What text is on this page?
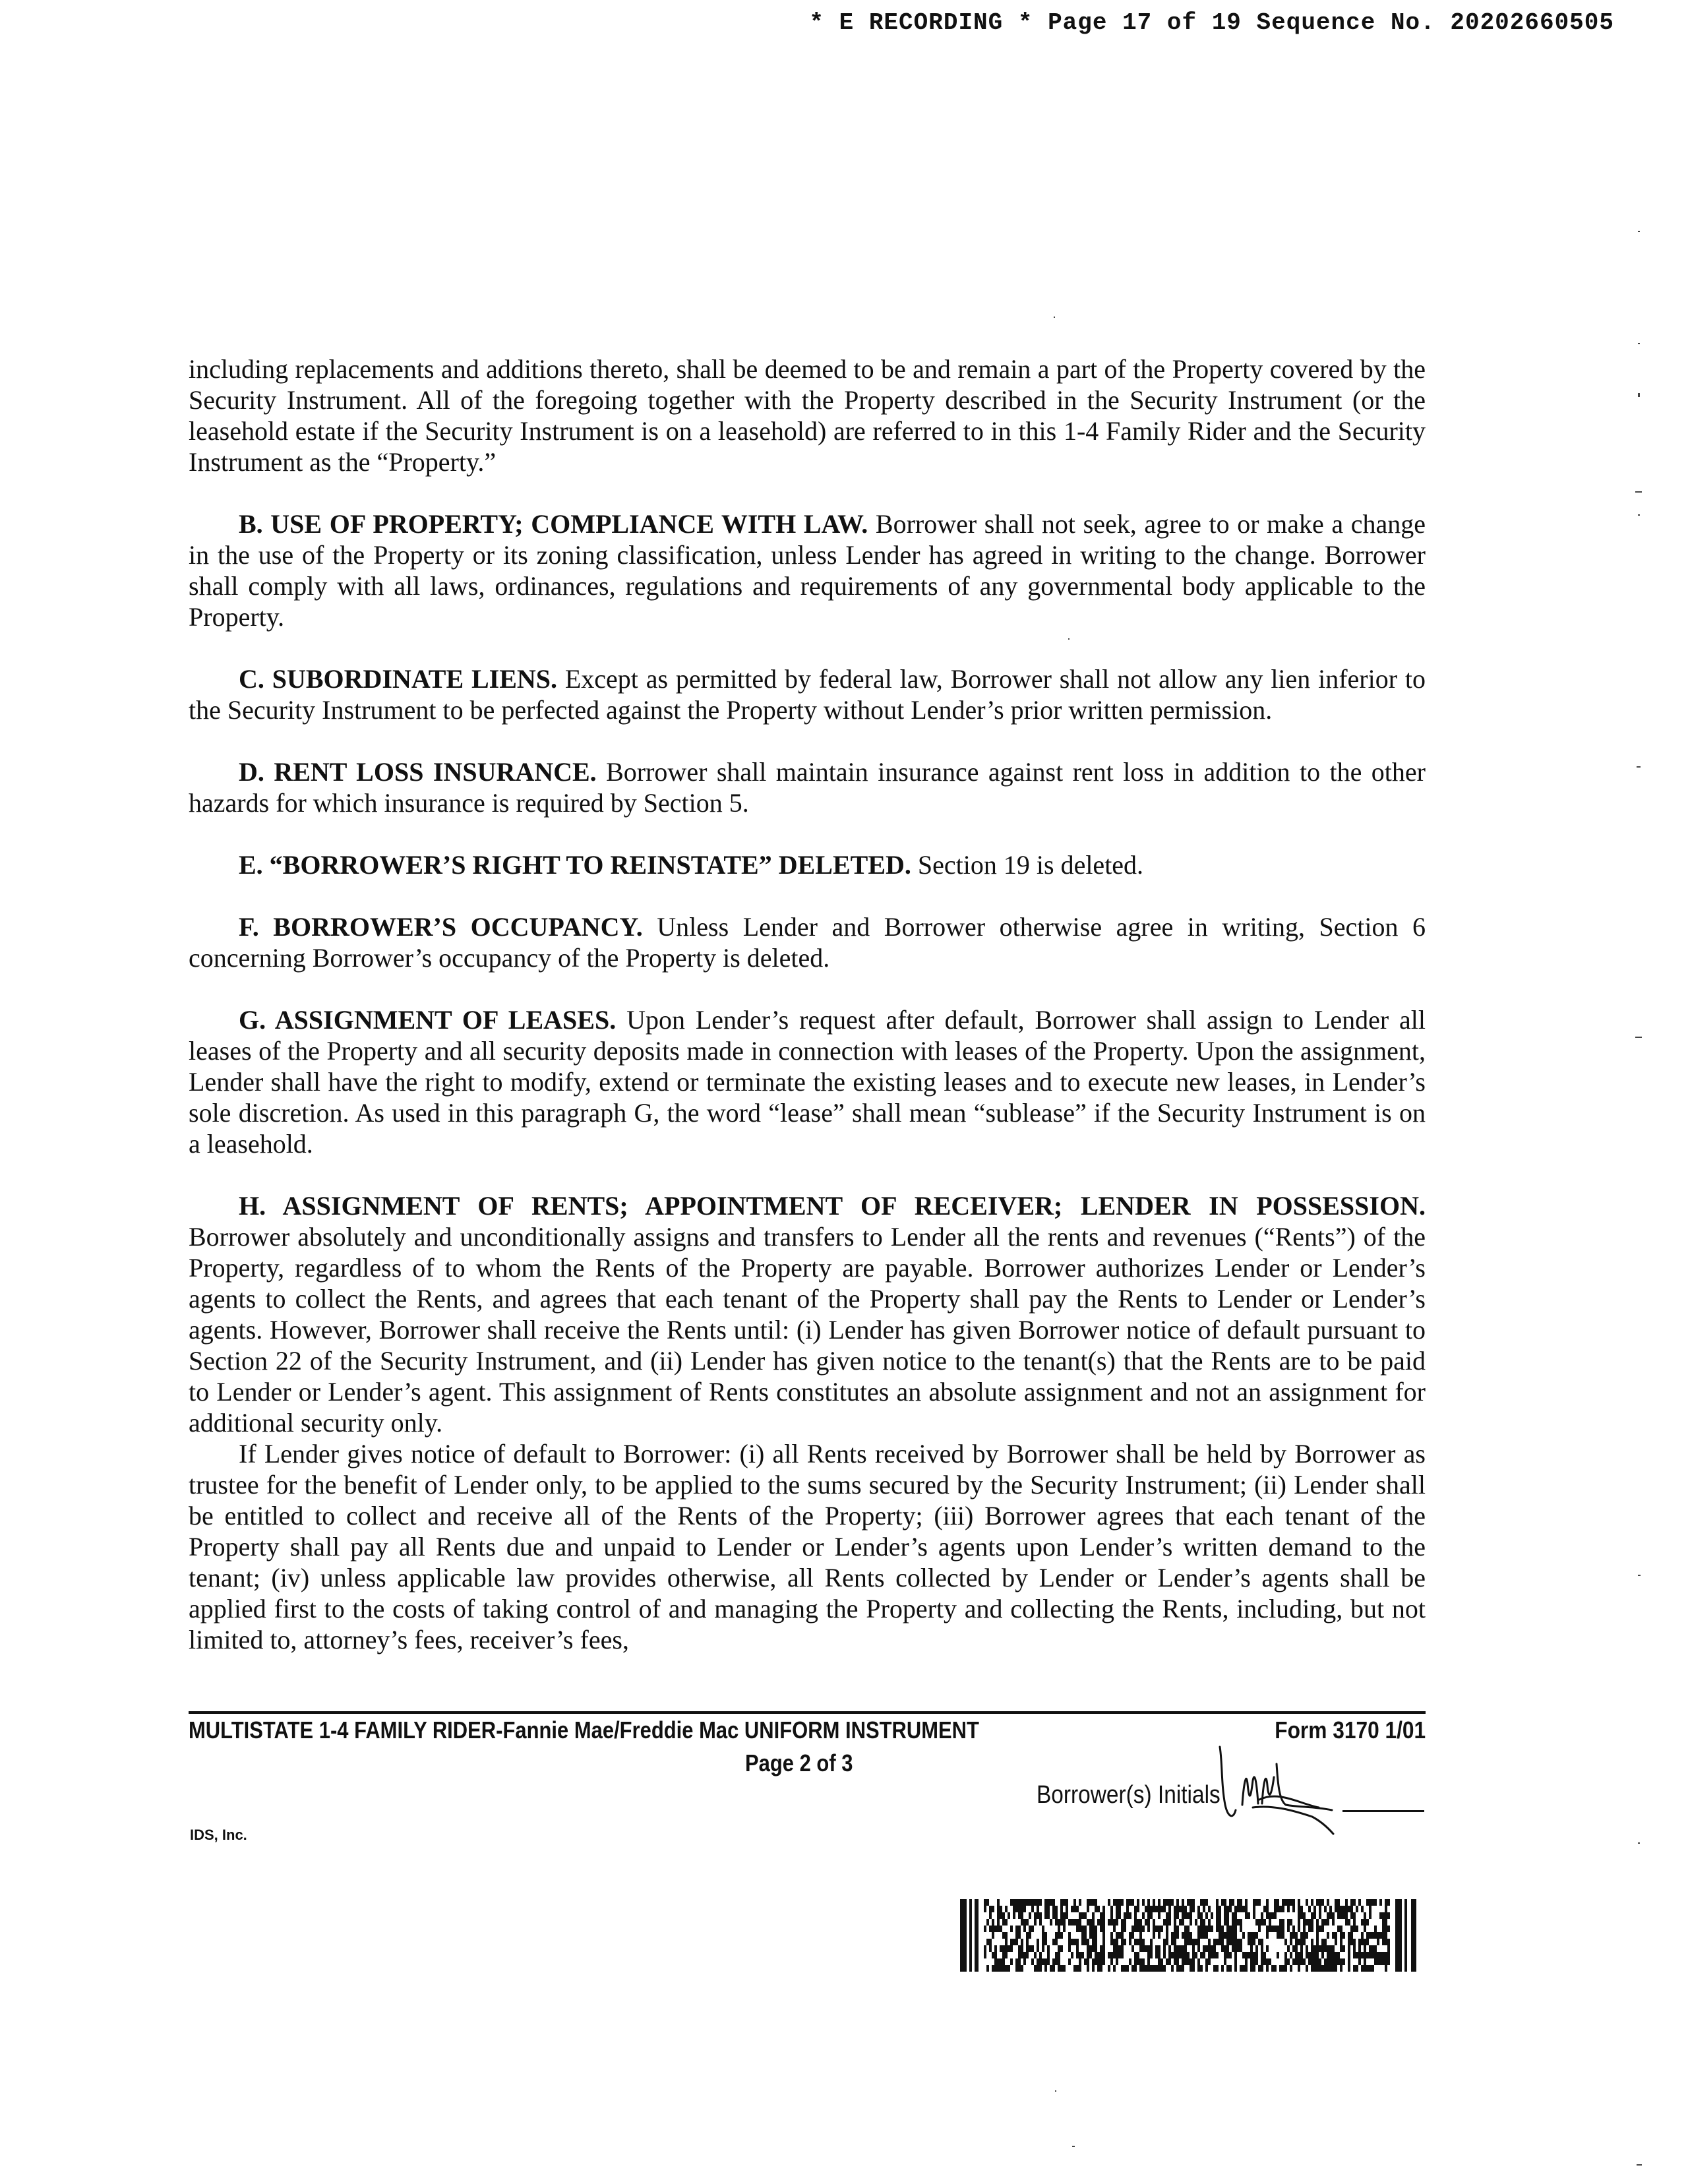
* E RECORDING * Page 17 of 19 Sequence No. 20202660505

including replacements and additions thereto, shall be deemed to be and remain a part of the Property covered by the Security Instrument. All of the foregoing together with the Property described in the Security Instrument (or the leasehold estate if the Security Instrument is on a leasehold) are referred to in this 1-4 Family Rider and the Security Instrument as the “Property.”

B. USE OF PROPERTY; COMPLIANCE WITH LAW. Borrower shall not seek, agree to or make a change in the use of the Property or its zoning classification, unless Lender has agreed in writing to the change. Borrower shall comply with all laws, ordinances, regulations and requirements of any governmental body applicable to the Property.

C. SUBORDINATE LIENS. Except as permitted by federal law, Borrower shall not allow any lien inferior to the Security Instrument to be perfected against the Property without Lender’s prior written permission.

D. RENT LOSS INSURANCE. Borrower shall maintain insurance against rent loss in addition to the other hazards for which insurance is required by Section 5.

E. “BORROWER’S RIGHT TO REINSTATE” DELETED. Section 19 is deleted.

F. BORROWER’S OCCUPANCY. Unless Lender and Borrower otherwise agree in writing, Section 6 concerning Borrower’s occupancy of the Property is deleted.

G. ASSIGNMENT OF LEASES. Upon Lender’s request after default, Borrower shall assign to Lender all leases of the Property and all security deposits made in connection with leases of the Property. Upon the assignment, Lender shall have the right to modify, extend or terminate the existing leases and to execute new leases, in Lender’s sole discretion. As used in this paragraph G, the word “lease” shall mean “sublease” if the Security Instrument is on a leasehold.

H. ASSIGNMENT OF RENTS; APPOINTMENT OF RECEIVER; LENDER IN POSSESSION. Borrower absolutely and unconditionally assigns and transfers to Lender all the rents and revenues (“Rents”) of the Property, regardless of to whom the Rents of the Property are payable. Borrower authorizes Lender or Lender’s agents to collect the Rents, and agrees that each tenant of the Property shall pay the Rents to Lender or Lender’s agents. However, Borrower shall receive the Rents until: (i) Lender has given Borrower notice of default pursuant to Section 22 of the Security Instrument, and (ii) Lender has given notice to the tenant(s) that the Rents are to be paid to Lender or Lender’s agent. This assignment of Rents constitutes an absolute assignment and not an assignment for additional security only.

If Lender gives notice of default to Borrower: (i) all Rents received by Borrower shall be held by Borrower as trustee for the benefit of Lender only, to be applied to the sums secured by the Security Instrument; (ii) Lender shall be entitled to collect and receive all of the Rents of the Property; (iii) Borrower agrees that each tenant of the Property shall pay all Rents due and unpaid to Lender or Lender’s agents upon Lender’s written demand to the tenant; (iv) unless applicable law provides otherwise, all Rents collected by Lender or Lender’s agents shall be applied first to the costs of taking control of and managing the Property and collecting the Rents, including, but not limited to, attorney’s fees, receiver’s fees,

MULTISTATE 1-4 FAMILY RIDER-Fannie Mae/Freddie Mac UNIFORM INSTRUMENT	Form 3170 1/01
Page 2 of 3
Borrower(s) Initials
IDS, Inc.
